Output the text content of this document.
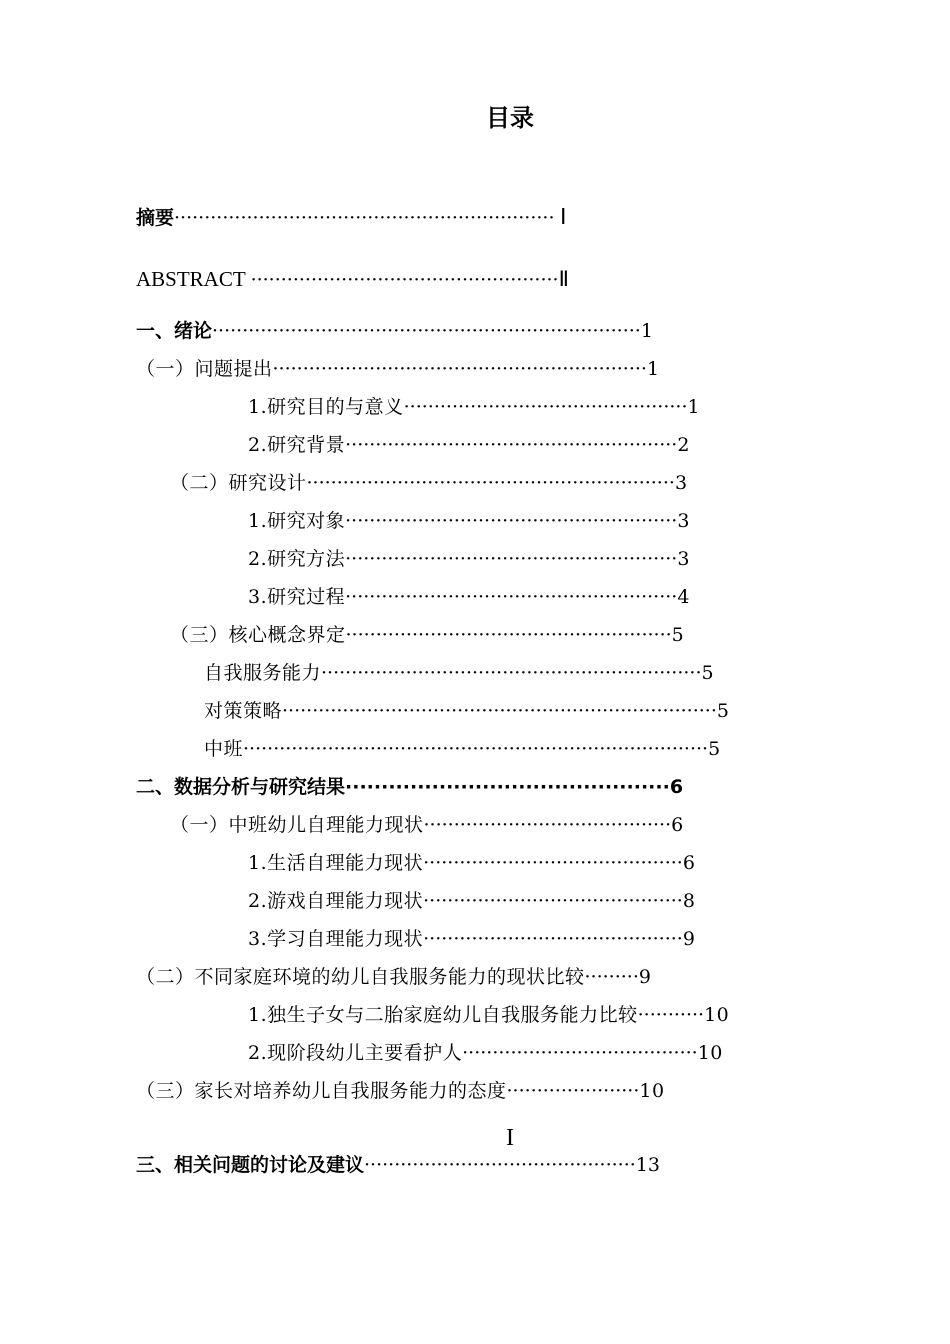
目录
摘要······························································· Ⅰ
ABSTRACT ···················································Ⅱ
一、绪论·······································································1
（一）问题提出······························································1
1.研究目的与意义···············································1
2.研究背景·······················································2
（二）研究设计·····························································3
1.研究对象·······················································3
2.研究方法·······················································3
3.研究过程·······················································4
（三）核心概念界定······················································5
自我服务能力·······························································5
对策策略········································································5
中班·············································································5
二、数据分析与研究结果·············································6
（一）中班幼儿自理能力现状·········································6
1.生活自理能力现状···········································6
2.游戏自理能力现状···········································8
3.学习自理能力现状···········································9
（二）不同家庭环境的幼儿自我服务能力的现状比较·········9
1.独生子女与二胎家庭幼儿自我服务能力比较···········10
2.现阶段幼儿主要看护人·······································10
（三）家长对培养幼儿自我服务能力的态度······················10
I
三、相关问题的讨论及建议·············································13
